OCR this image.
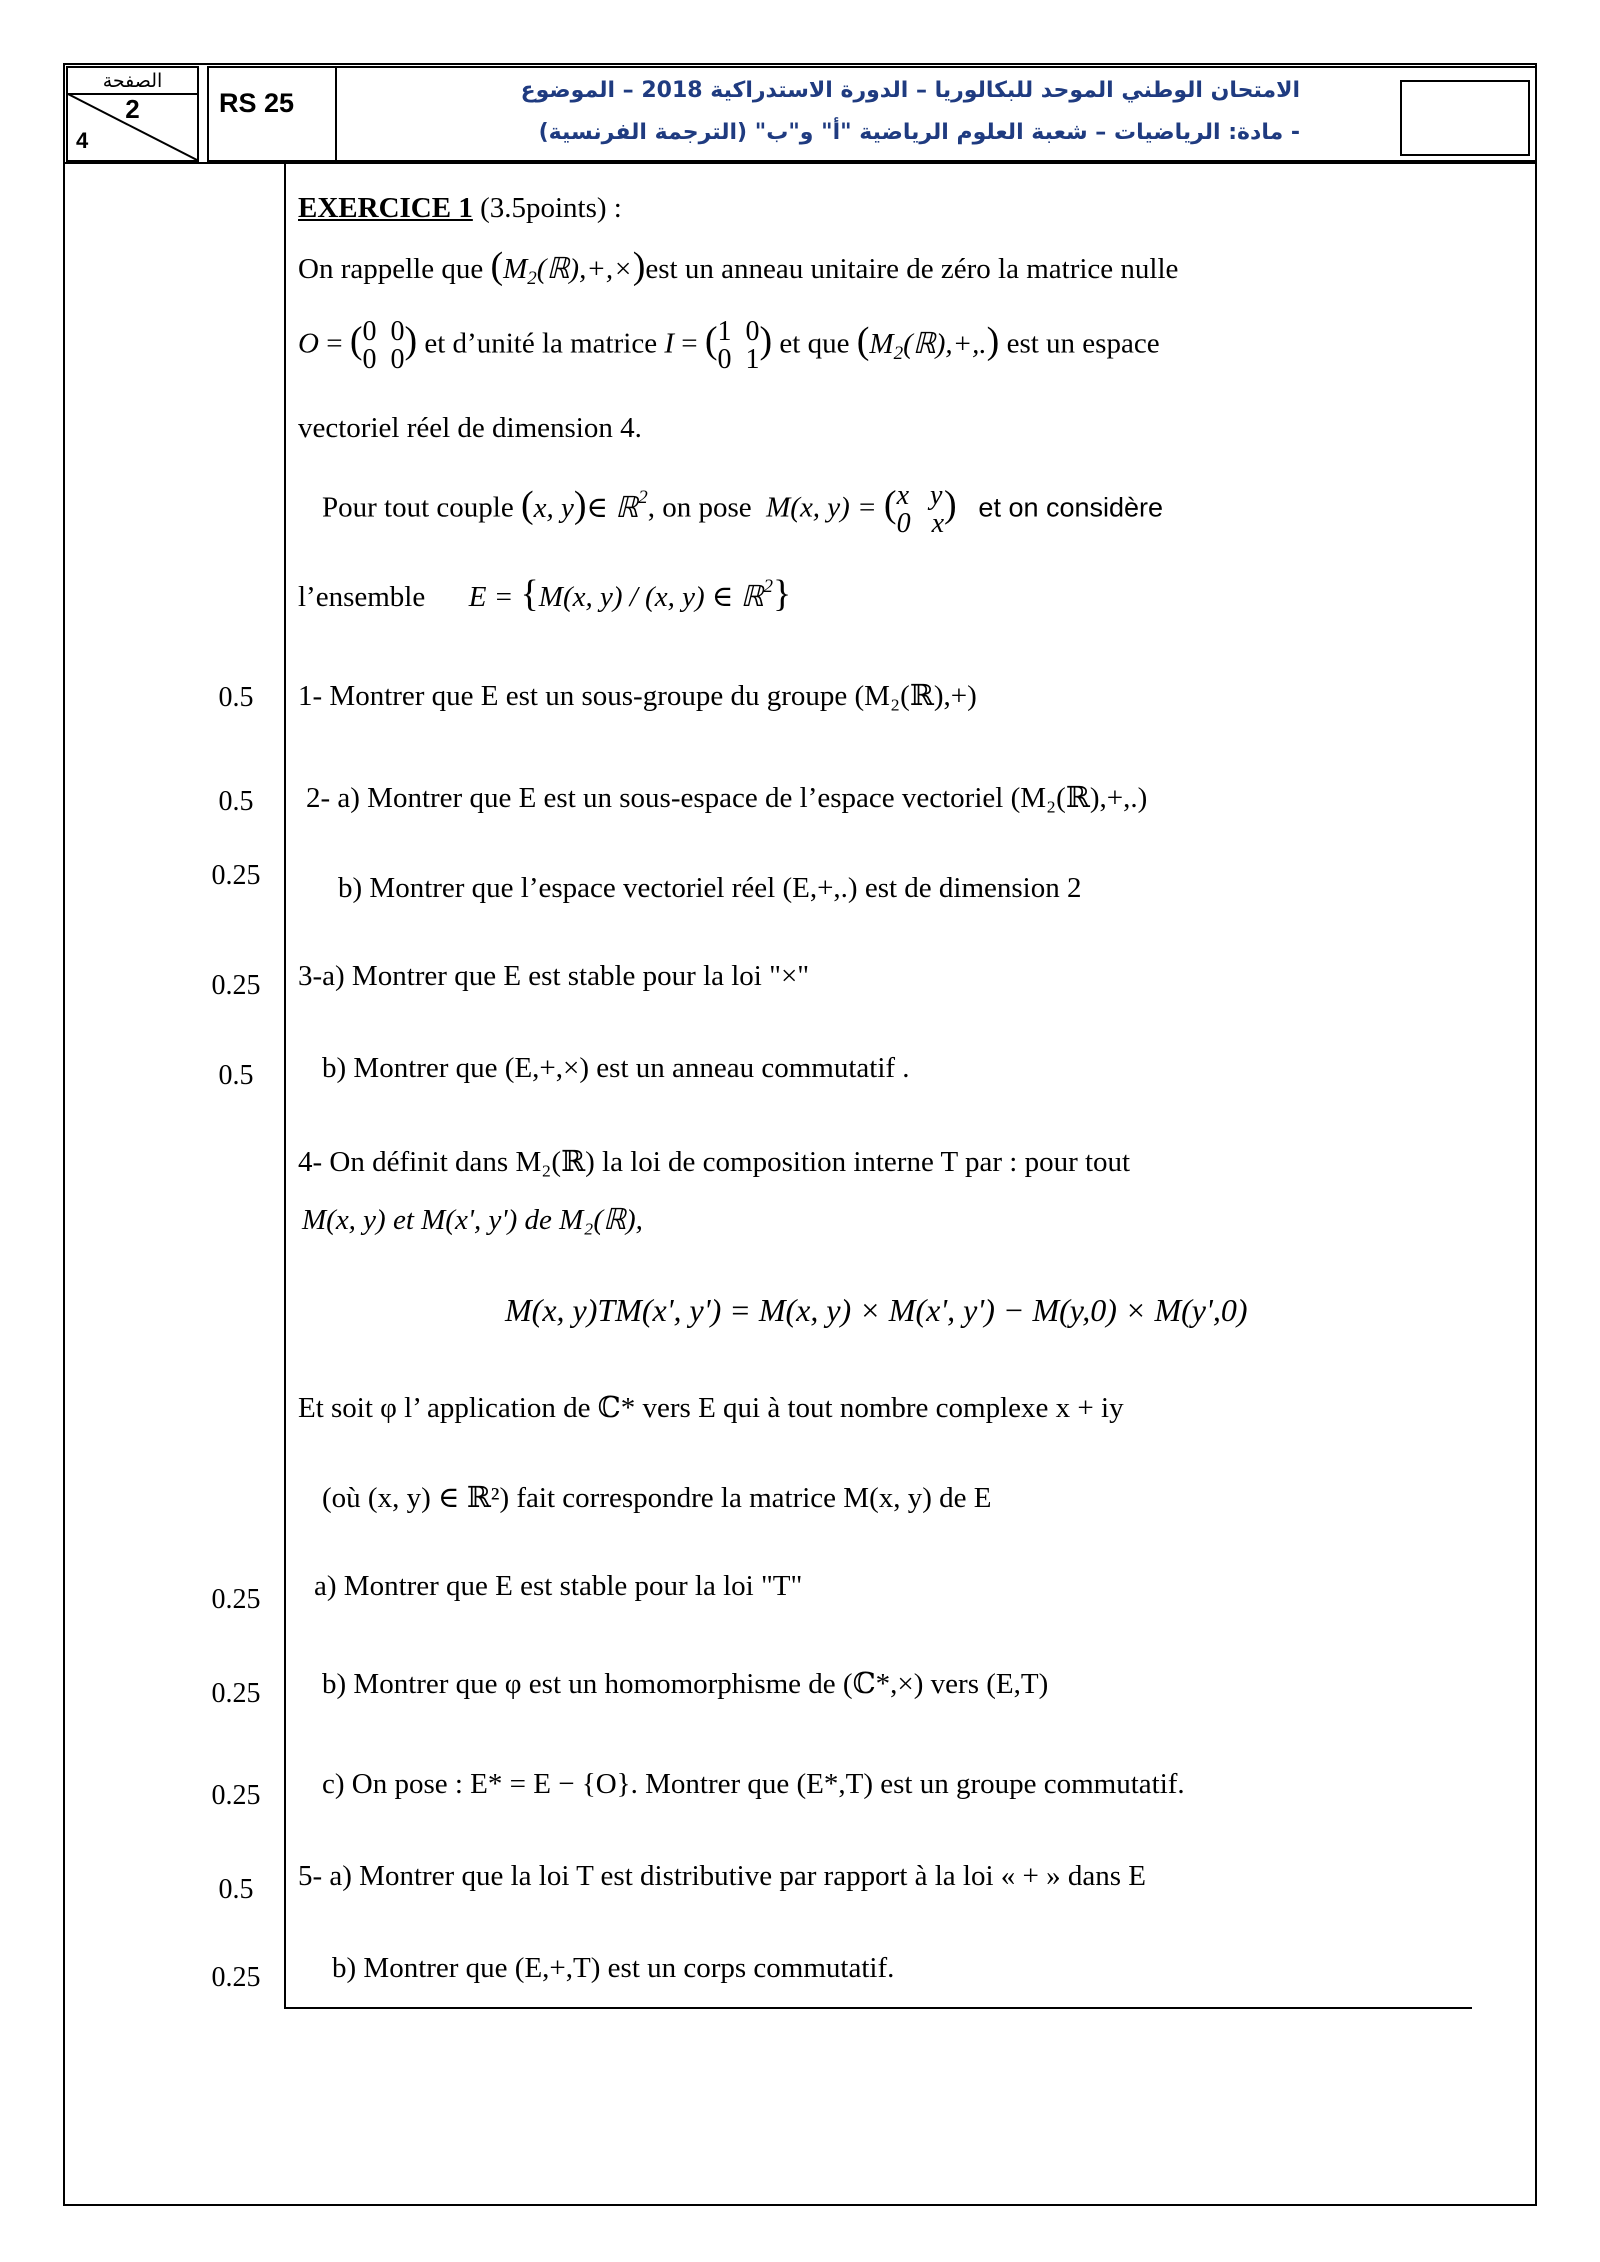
الصفحة
2
4
RS 25	الامتحان الوطني الموحد للبكالوريا – الدورة الاستدراكية 2018 – الموضوع
- مادة: الرياضيات – شعبة العلوم الرياضية "أ" و"ب" (الترجمة الفرنسية)
EXERCICE 1 (3.5points) :
On rappelle que $(M_2(ℝ),+,\times)est$ un anneau unitaire de zéro la matrice nulle
O = ( 0  0
0  0 ) et d’unité la matrice I = ( 1  0
0  1 ) et que $(M_2(ℝ),+,.)$ est un espace
vectoriel réel de dimension 4.
Pour tout couple (x, y)∈ ℝ$^2$, on pose M(x, y) = ( x   y
0   x ) et on considère
l’ensemble E = {M(x, y) / (x, y) ∈ ℝ$^2$}
0.5	1- Montrer que E est un sous-groupe du groupe (M₂(ℝ),+)
0.5	2- a) Montrer que E est un sous-espace de l’espace vectoriel (M₂(ℝ),+,.)
0.25	b) Montrer que l’espace vectoriel réel (E,+,.) est de dimension 2
0.25	3-a) Montrer que E est stable pour la loi "×"
0.5	b) Montrer que (E,+,×) est un anneau commutatif .
4- On définit dans M₂(ℝ) la loi de composition interne T par : pour tout
M(x, y) et M(x', y') de M₂(ℝ),
M(x, y)TM(x', y') = M(x, y) × M(x', y') − M(y,0) × M(y',0)
Et soit φ l’ application de ℂ* vers E qui à tout nombre complexe x + iy
(où (x, y) ∈ ℝ²) fait correspondre la matrice M(x, y) de E
0.25	a) Montrer que E est stable pour la loi "T"
0.25	b) Montrer que φ est un homomorphisme de (ℂ*,×) vers (E,T)
0.25	c) On pose : E* = E − {O}. Montrer que (E*,T) est un groupe commutatif.
0.5	5- a) Montrer que la loi T est distributive par rapport à la loi « + » dans E
0.25	b) Montrer que (E,+,T) est un corps commutatif.
